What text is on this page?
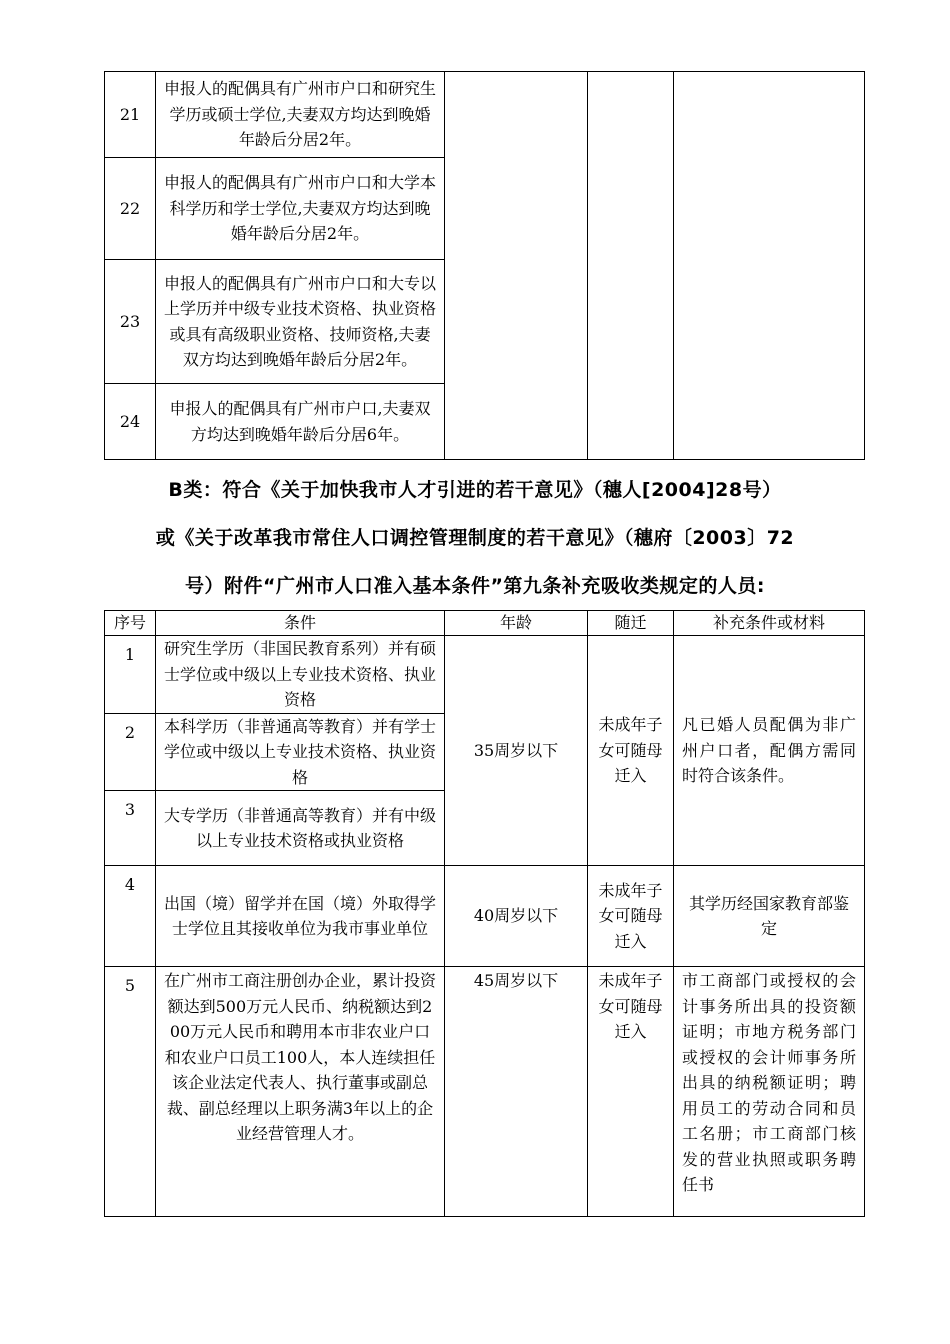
21	申报人的配偶具有广州市户口和研究生学历或硕士学位,夫妻双方均达到晚婚年龄后分居2年。			
22	申报人的配偶具有广州市户口和大学本科学历和学士学位,夫妻双方均达到晚婚年龄后分居2年。			
23	申报人的配偶具有广州市户口和大专以上学历并中级专业技术资格、执业资格或具有高级职业资格、技师资格,夫妻双方均达到晚婚年龄后分居2年。			
24	申报人的配偶具有广州市户口,夫妻双方均达到晚婚年龄后分居6年。			
B类：符合《关于加快我市人才引进的若干意见》（穗人[2004]28号）
或《关于改革我市常住人口调控管理制度的若干意见》（穗府〔2003〕72
号）附件“广州市人口准入基本条件”第九条补充吸收类规定的人员:
序号	条件	年龄	随迁	补充条件或材料
1	研究生学历（非国民教育系列）并有硕士学位或中级以上专业技术资格、执业资格	35周岁以下	未成年子女可随母迁入	凡已婚人员配偶为非广州户口者，配偶方需同时符合该条件。
2	本科学历（非普通高等教育）并有学士学位或中级以上专业技术资格、执业资格			
3	大专学历（非普通高等教育）并有中级以上专业技术资格或执业资格			
4	出国（境）留学并在国（境）外取得学士学位且其接收单位为我市事业单位	40周岁以下	未成年子女可随母迁入	其学历经国家教育部鉴定
5	在广州市工商注册创办企业，累计投资额达到500万元人民币、纳税额达到200万元人民币和聘用本市非农业户口和农业户口员工100人，本人连续担任该企业法定代表人、执行董事或副总裁、副总经理以上职务满3年以上的企业经营管理人才。	45周岁以下	未成年子女可随母迁入	市工商部门或授权的会计事务所出具的投资额证明；市地方税务部门或授权的会计师事务所出具的纳税额证明；聘用员工的劳动合同和员工名册；市工商部门核发的营业执照或职务聘任书
